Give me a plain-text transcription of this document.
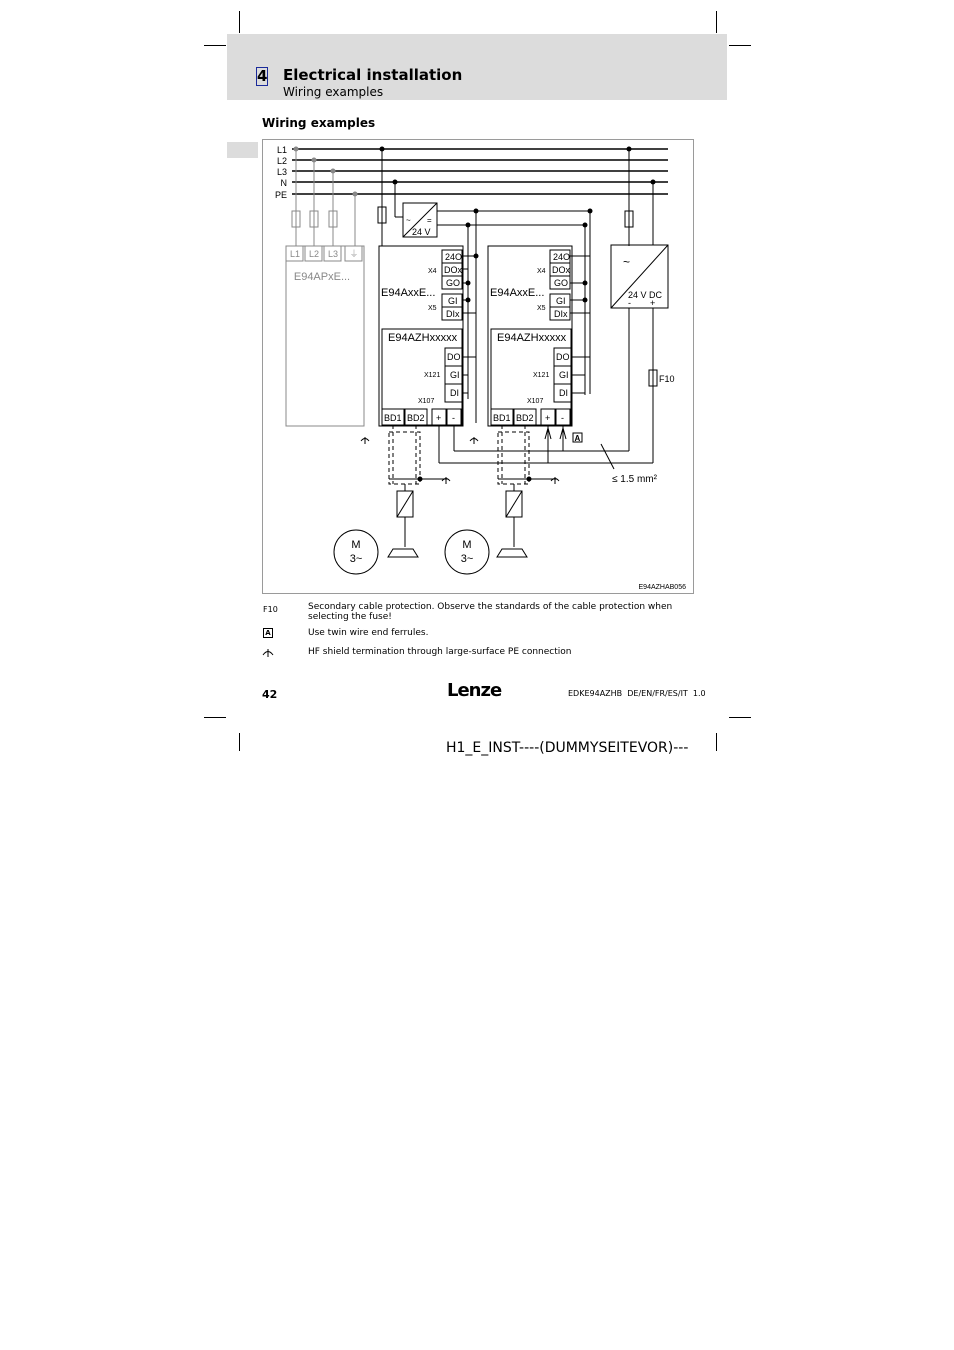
4 Electrical installation
Wiring examples
Wiring examples
L1
L2
L3
N
PE
L1 L2 L3 ⏚
E94APxE...
~ =
24 V
E94AxxE...
X4
24O
DOx
GO
X5
GI
DIx
E94AZHxxxxx
X121
DO
GI
DI
X107
BD1 BD2 + -
E94AxxE...
X4
24O
DOx
GO
X5
GI
DIx
E94AZHxxxxx
X121
DO
GI
DI
X107
BD1 BD2 + -
~
24 V DC
- +
F10
A
≤ 1.5 mm²
M
3~
M
3~
E94AZHAB056
F10	Secondary cable protection. Observe the standards of the cable protection when selecting the fuse!
A	Use twin wire end ferrules.
HF shield termination through large-surface PE connection
42	Lenze	EDKE94AZHB  DE/EN/FR/ES/IT  1.0
H1_E_INST----(DUMMYSEITEVOR)---
